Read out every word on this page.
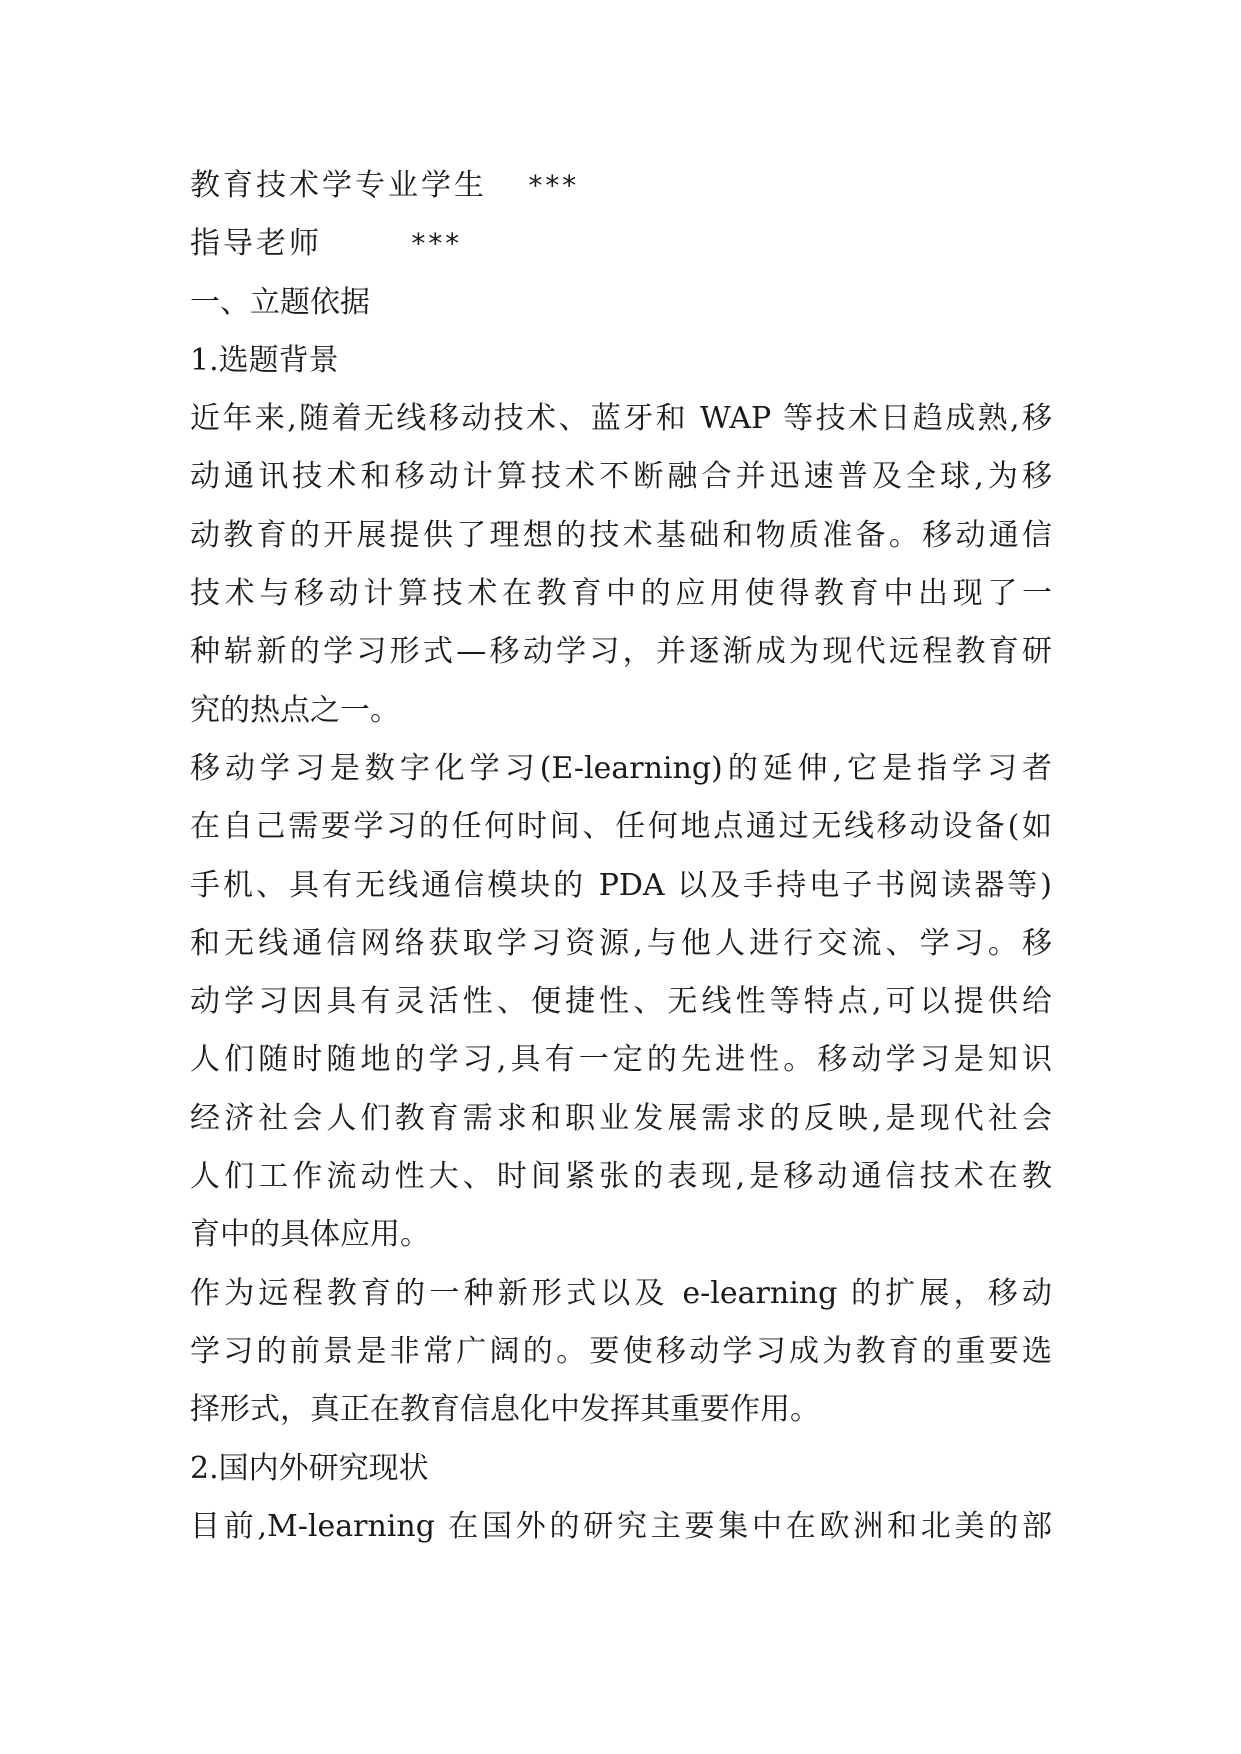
教育技术学专业学生 ***
指导老师	***
一、立题依据
1.选题背景
近年来,随着无线移动技术、蓝牙和 WAP 等技术日趋成熟,移
动通讯技术和移动计算技术不断融合并迅速普及全球,为移
动教育的开展提供了理想的技术基础和物质准备。移动通信
技术与移动计算技术在教育中的应用使得教育中出现了一
种崭新的学习形式—移动学习，并逐渐成为现代远程教育研
究的热点之一。
移动学习是数字化学习(E-learning)的延伸,它是指学习者
在自己需要学习的任何时间、任何地点通过无线移动设备(如
手机、具有无线通信模块的 PDA 以及手持电子书阅读器等)
和无线通信网络获取学习资源,与他人进行交流、学习。移
动学习因具有灵活性、便捷性、无线性等特点,可以提供给
人们随时随地的学习,具有一定的先进性。移动学习是知识
经济社会人们教育需求和职业发展需求的反映,是现代社会
人们工作流动性大、时间紧张的表现,是移动通信技术在教
育中的具体应用。
作为远程教育的一种新形式以及 e-learning 的扩展，移动
学习的前景是非常广阔的。要使移动学习成为教育的重要选
择形式，真正在教育信息化中发挥其重要作用。
2.国内外研究现状
目前,M-learning 在国外的研究主要集中在欧洲和北美的部
